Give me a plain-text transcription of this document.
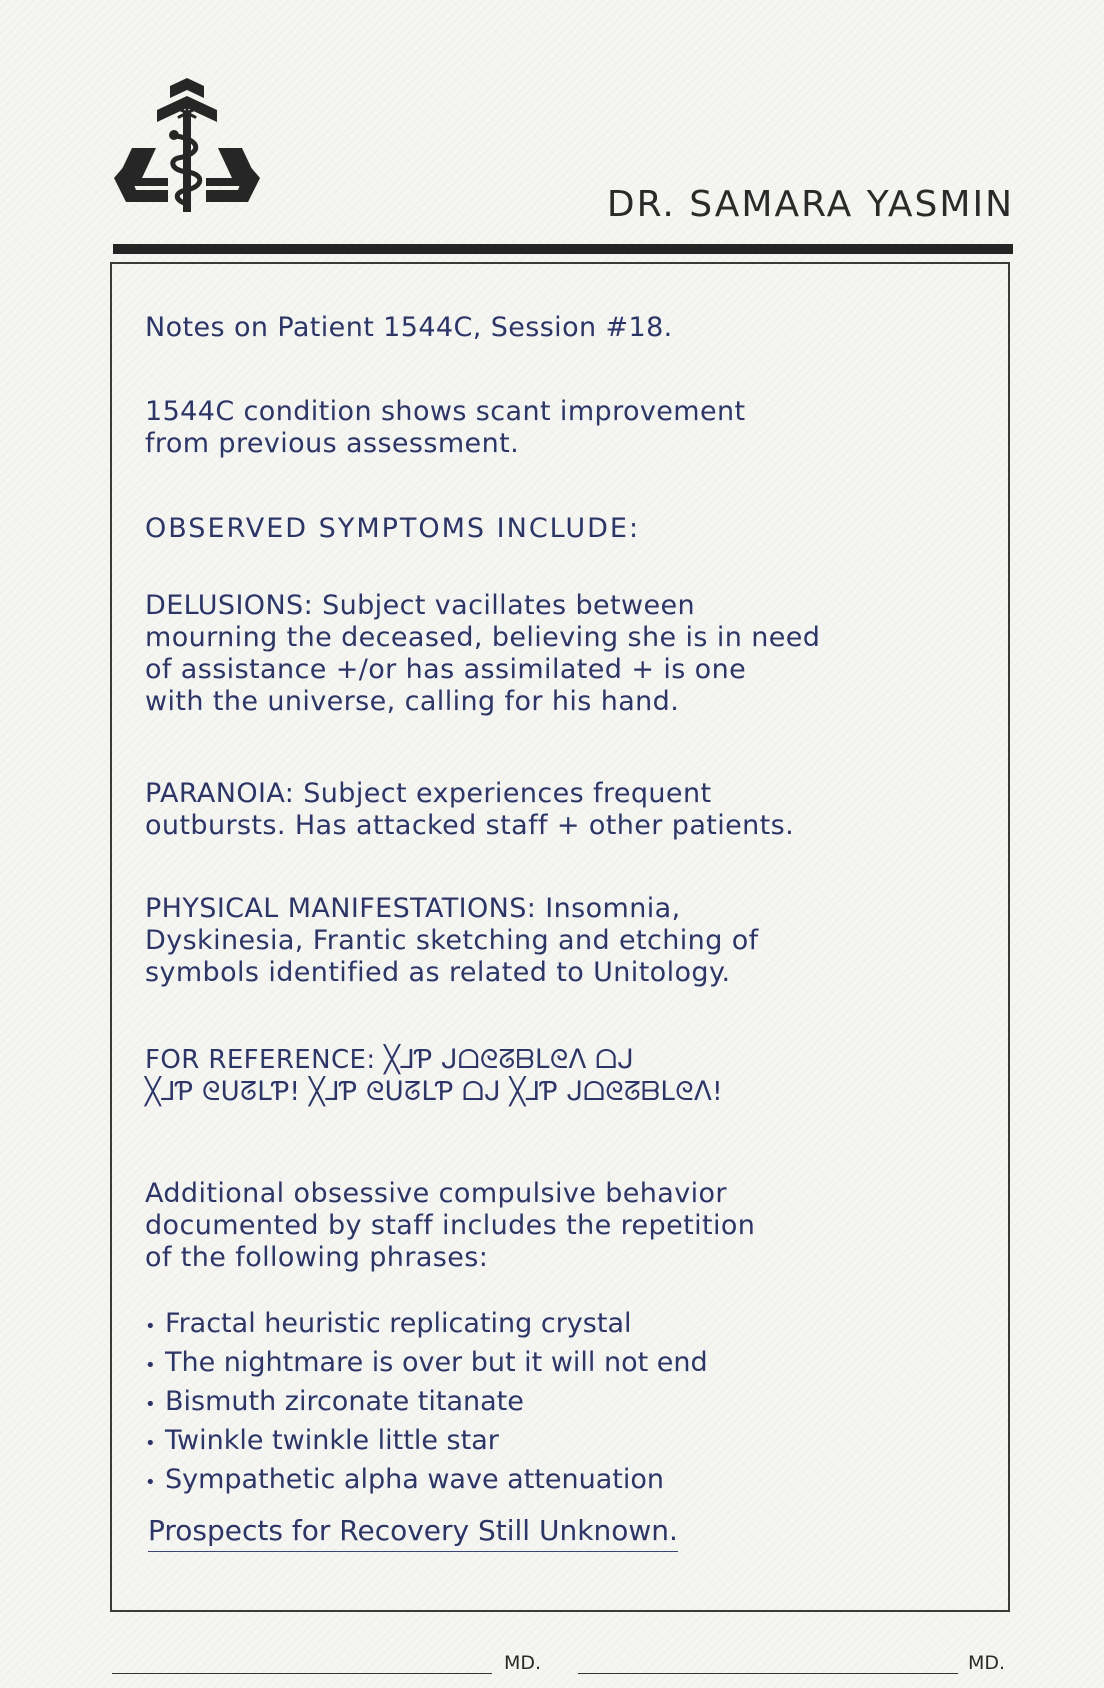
DR. SAMARA YASMIN

Notes on Patient 1544C, Session #18.

1544C condition shows scant improvement
from previous assessment.

OBSERVED SYMPTOMS INCLUDE:

DELUSIONS: Subject vacillates between
mourning the deceased, believing she is in need
of assistance +/or has assimilated + is one
with the universe, calling for his hand.
PARANOIA: Subject experiences frequent
outbursts. Has attacked staff + other patients.
PHYSICAL MANIFESTATIONS: Insomnia,
Dyskinesia, Frantic sketching and etching of
symbols identified as related to Unitology.
FOR REFERENCE: ╳⅃Ƥ ᒍᗝᘓᘔᗷᒪᘓᐱ ᗝᒍ
╳⅃Ƥ ᘓᑌᘔᒪƤ! ╳⅃Ƥ ᘓᑌᘔᒪƤ ᗝᒍ ╳⅃Ƥ ᒍᗝᘓᘔᗷᒪᘓᐱ!
Additional obsessive compulsive behavior
documented by staff includes the repetition
of the following phrases:
• Fractal heuristic replicating crystal
• The nightmare is over but it will not end
• Bismuth zirconate titanate
• Twinkle twinkle little star
• Sympathetic alpha wave attenuation

Prospects for Recovery Still Unknown.

MD.	MD.
